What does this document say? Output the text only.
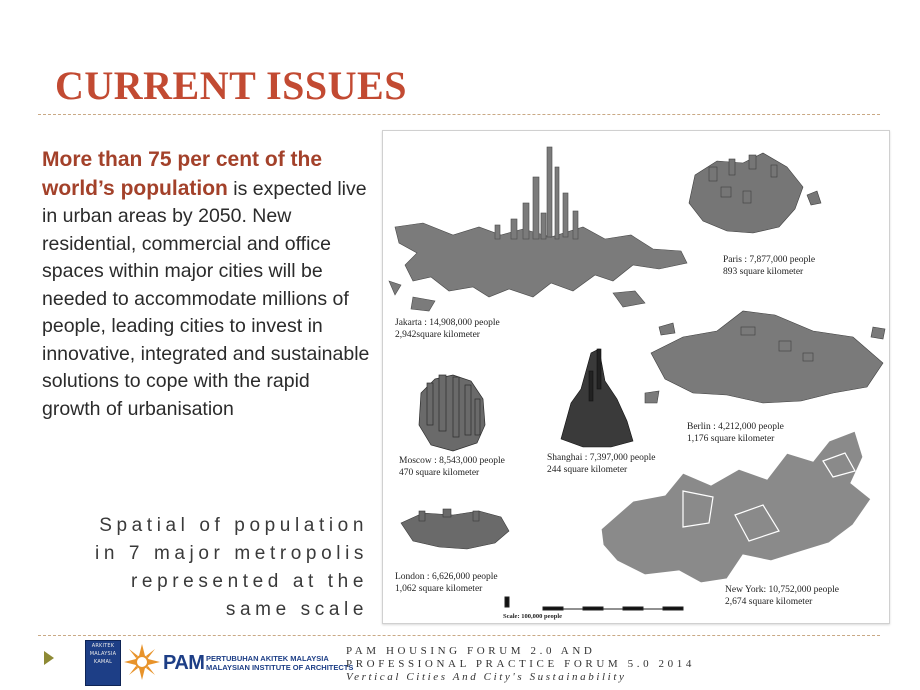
CURRENT ISSUES
More than 75 per cent of the world’s population is expected live in urban areas by 2050. New residential, commercial and office spaces within major cities will be needed to accommodate millions of people, leading cities to invest in innovative, integrated and sustainable solutions to cope with the rapid growth of urbanisation
Spatial of population
in 7 major metropolis
represented at the
same scale
Jakarta : 14,908,000 people
2,942square kilometer
Paris : 7,877,000 people
893 square kilometer
Berlin : 4,212,000 people
1,176 square kilometer
Moscow : 8,543,000 people
470 square kilometer
Shanghai : 7,397,000 people
244 square kilometer
London : 6,626,000 people
1,062 square kilometer	New York: 10,752,000 people
2,674 square kilometer
Scale: 100,000 people
ARKITEK
MALAYSIA
KAMAL	PAM PERTUBUHAN AKITEK MALAYSIA
MALAYSIAN INSTITUTE OF ARCHITECTS
PAM HOUSING FORUM 2.0 AND
PROFESSIONAL PRACTICE FORUM 5.0 2014
Vertical Cities And City's Sustainability
